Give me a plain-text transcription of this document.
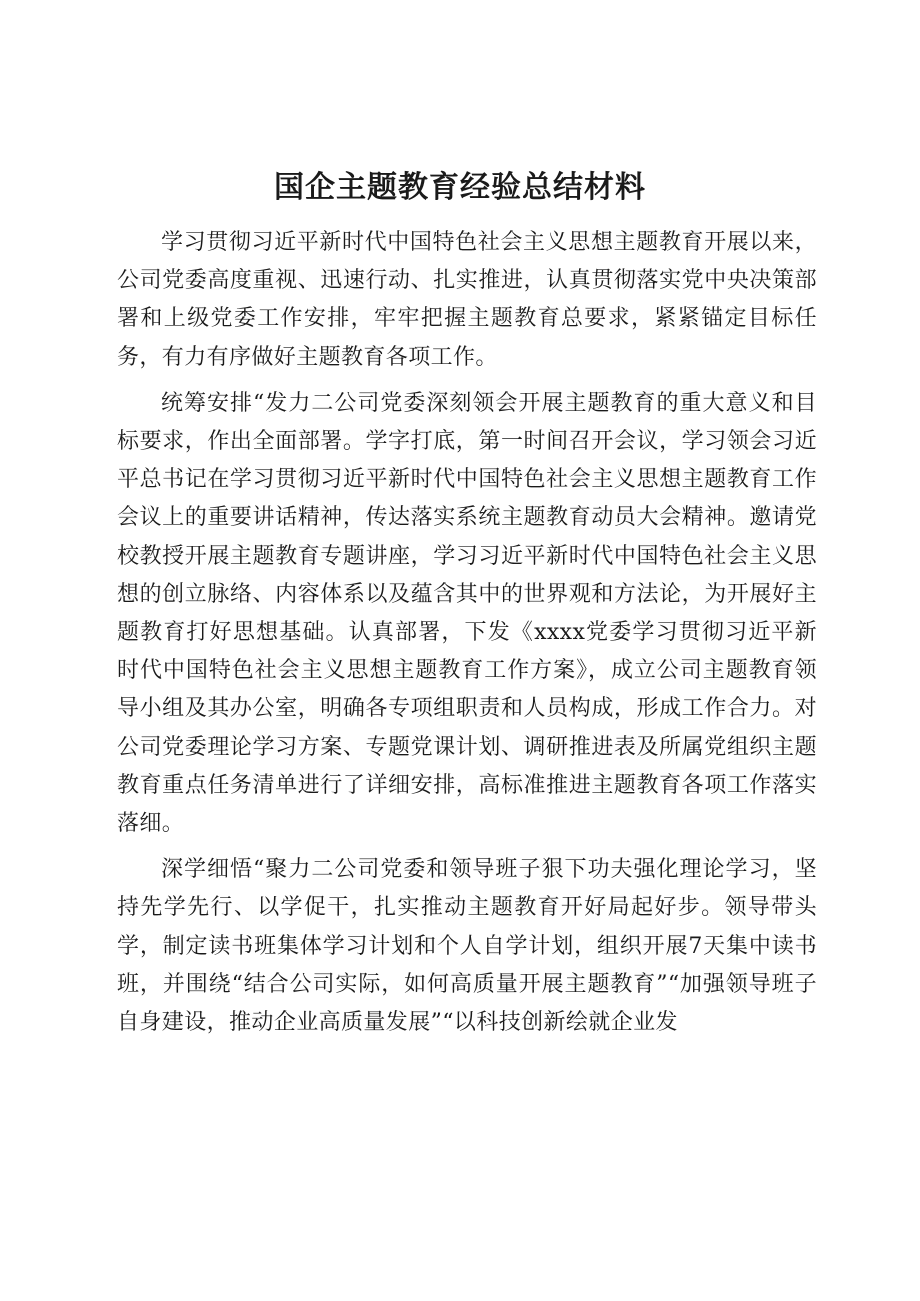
国企主题教育经验总结材料

学习贯彻习近平新时代中国特色社会主义思想主题教育开展以来，公司党委高度重视、迅速行动、扎实推进，认真贯彻落实党中央决策部署和上级党委工作安排，牢牢把握主题教育总要求，紧紧锚定目标任务，有力有序做好主题教育各项工作。

统筹安排“发力二公司党委深刻领会开展主题教育的重大意义和目标要求，作出全面部署。学字打底，第一时间召开会议，学习领会习近平总书记在学习贯彻习近平新时代中国特色社会主义思想主题教育工作会议上的重要讲话精神，传达落实系统主题教育动员大会精神。邀请党校教授开展主题教育专题讲座，学习习近平新时代中国特色社会主义思想的创立脉络、内容体系以及蕴含其中的世界观和方法论，为开展好主题教育打好思想基础。认真部署，下发《xxxx党委学习贯彻习近平新时代中国特色社会主义思想主题教育工作方案》，成立公司主题教育领导小组及其办公室，明确各专项组职责和人员构成，形成工作合力。对公司党委理论学习方案、专题党课计划、调研推进表及所属党组织主题教育重点任务清单进行了详细安排，高标准推进主题教育各项工作落实落细。

深学细悟“聚力二公司党委和领导班子狠下功夫强化理论学习，坚持先学先行、以学促干，扎实推动主题教育开好局起好步。领导带头学，制定读书班集体学习计划和个人自学计划，组织开展7天集中读书班，并围绕“结合公司实际，如何高质量开展主题教育”“加强领导班子自身建设，推动企业高质量发展”“以科技创新绘就企业发
